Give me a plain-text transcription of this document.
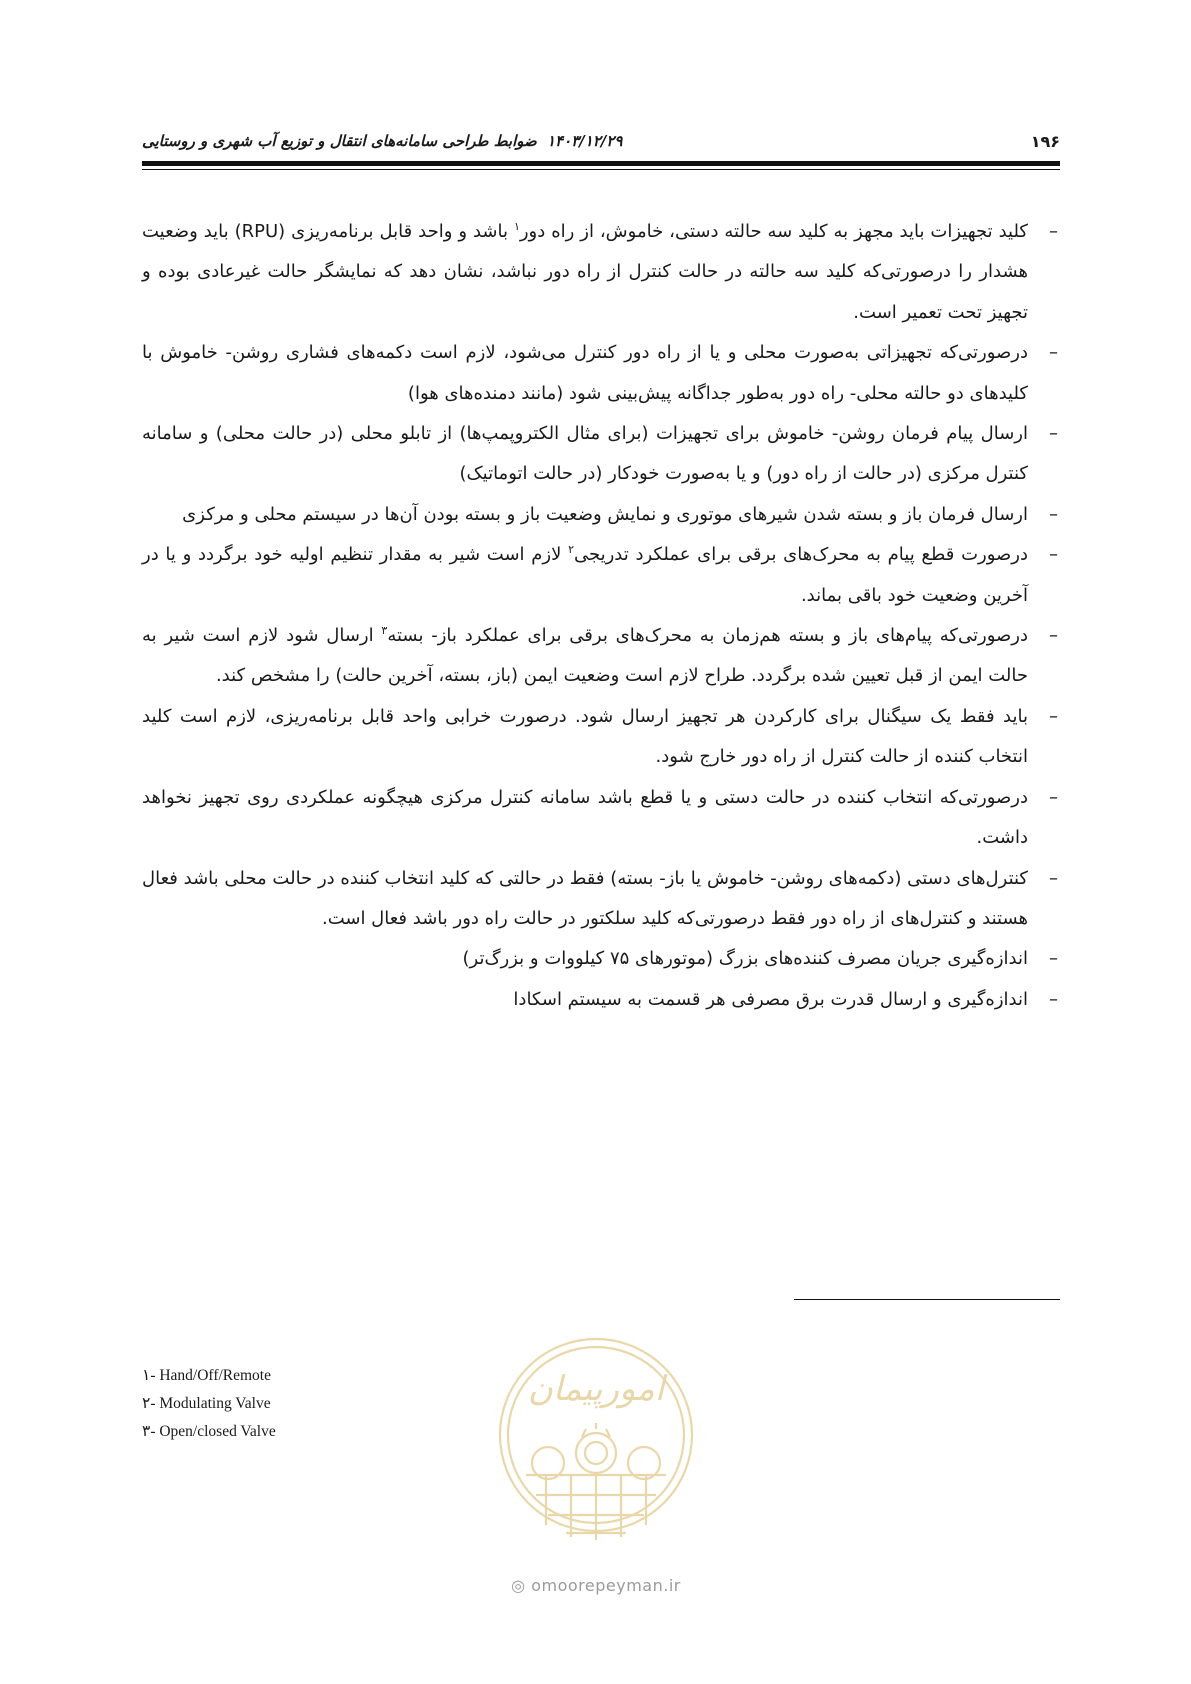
۱۹۶
۱۴۰۳/۱۲/۲۹
ضوابط طراحی سامانه‌های انتقال و توزیع آب شهری و روستایی
–
کلید تجهیزات باید مجهز به کلید سه حالته دستی، خاموش، از راه دور$^۱$ باشد و واحد قابل برنامه‌ریزی (RPU) باید وضعیت هشدار را درصورتی‌که کلید سه حالته در حالت کنترل از راه دور نباشد، نشان دهد که نمایشگر حالت غیرعادی بوده و تجهیز تحت تعمیر است.
–
درصورتی‌که تجهیزاتی به‌صورت محلی و یا از راه دور کنترل می‌شود، لازم است دکمه‌های فشاری روشن- خاموش با کلیدهای دو حالته محلی- راه دور به‌طور جداگانه پیش‌بینی شود (مانند دمنده‌های هوا)
–
ارسال پیام فرمان روشن- خاموش برای تجهیزات (برای مثال الکتروپمپ‌ها) از تابلو محلی (در حالت محلی) و سامانه کنترل مرکزی (در حالت از راه دور) و یا به‌صورت خودکار (در حالت اتوماتیک)
–
ارسال فرمان باز و بسته شدن شیرهای موتوری و نمایش وضعیت باز و بسته بودن آن‌ها در سیستم محلی و مرکزی
–
درصورت قطع پیام به محرک‌های برقی برای عملکرد تدریجی$^۲$ لازم است شیر به مقدار تنظیم اولیه خود برگردد و یا در آخرین وضعیت خود باقی بماند.
–
درصورتی‌که پیام‌های باز و بسته هم‌زمان به محرک‌های برقی برای عملکرد باز- بسته$^۳$ ارسال شود لازم است شیر به حالت ایمن از قبل تعیین شده برگردد. طراح لازم است وضعیت ایمن (باز، بسته، آخرین حالت) را مشخص کند.
–
باید فقط یک سیگنال برای کارکردن هر تجهیز ارسال شود. درصورت خرابی واحد قابل برنامه‌ریزی، لازم است کلید انتخاب کننده از حالت کنترل از راه دور خارج شود.
–
درصورتی‌که انتخاب کننده در حالت دستی و یا قطع باشد سامانه کنترل مرکزی هیچگونه عملکردی روی تجهیز نخواهد داشت.
–
کنترل‌های دستی (دکمه‌های روشن- خاموش یا باز- بسته) فقط در حالتی که کلید انتخاب کننده در حالت محلی باشد فعال هستند و کنترل‌های از راه دور فقط درصورتی‌که کلید سلکتور در حالت راه دور باشد فعال است.
–
اندازه‌گیری جریان مصرف کننده‌های بزرگ (موتورهای ۷۵ کیلووات و بزرگ‌تر)
–
اندازه‌گیری و ارسال قدرت برق مصرفی هر قسمت به سیستم اسکادا
۱- Hand/Off/Remote
۲- Modulating Valve
۳- Open/closed Valve
امورپیمان
◎ omoorepeyman.ir
